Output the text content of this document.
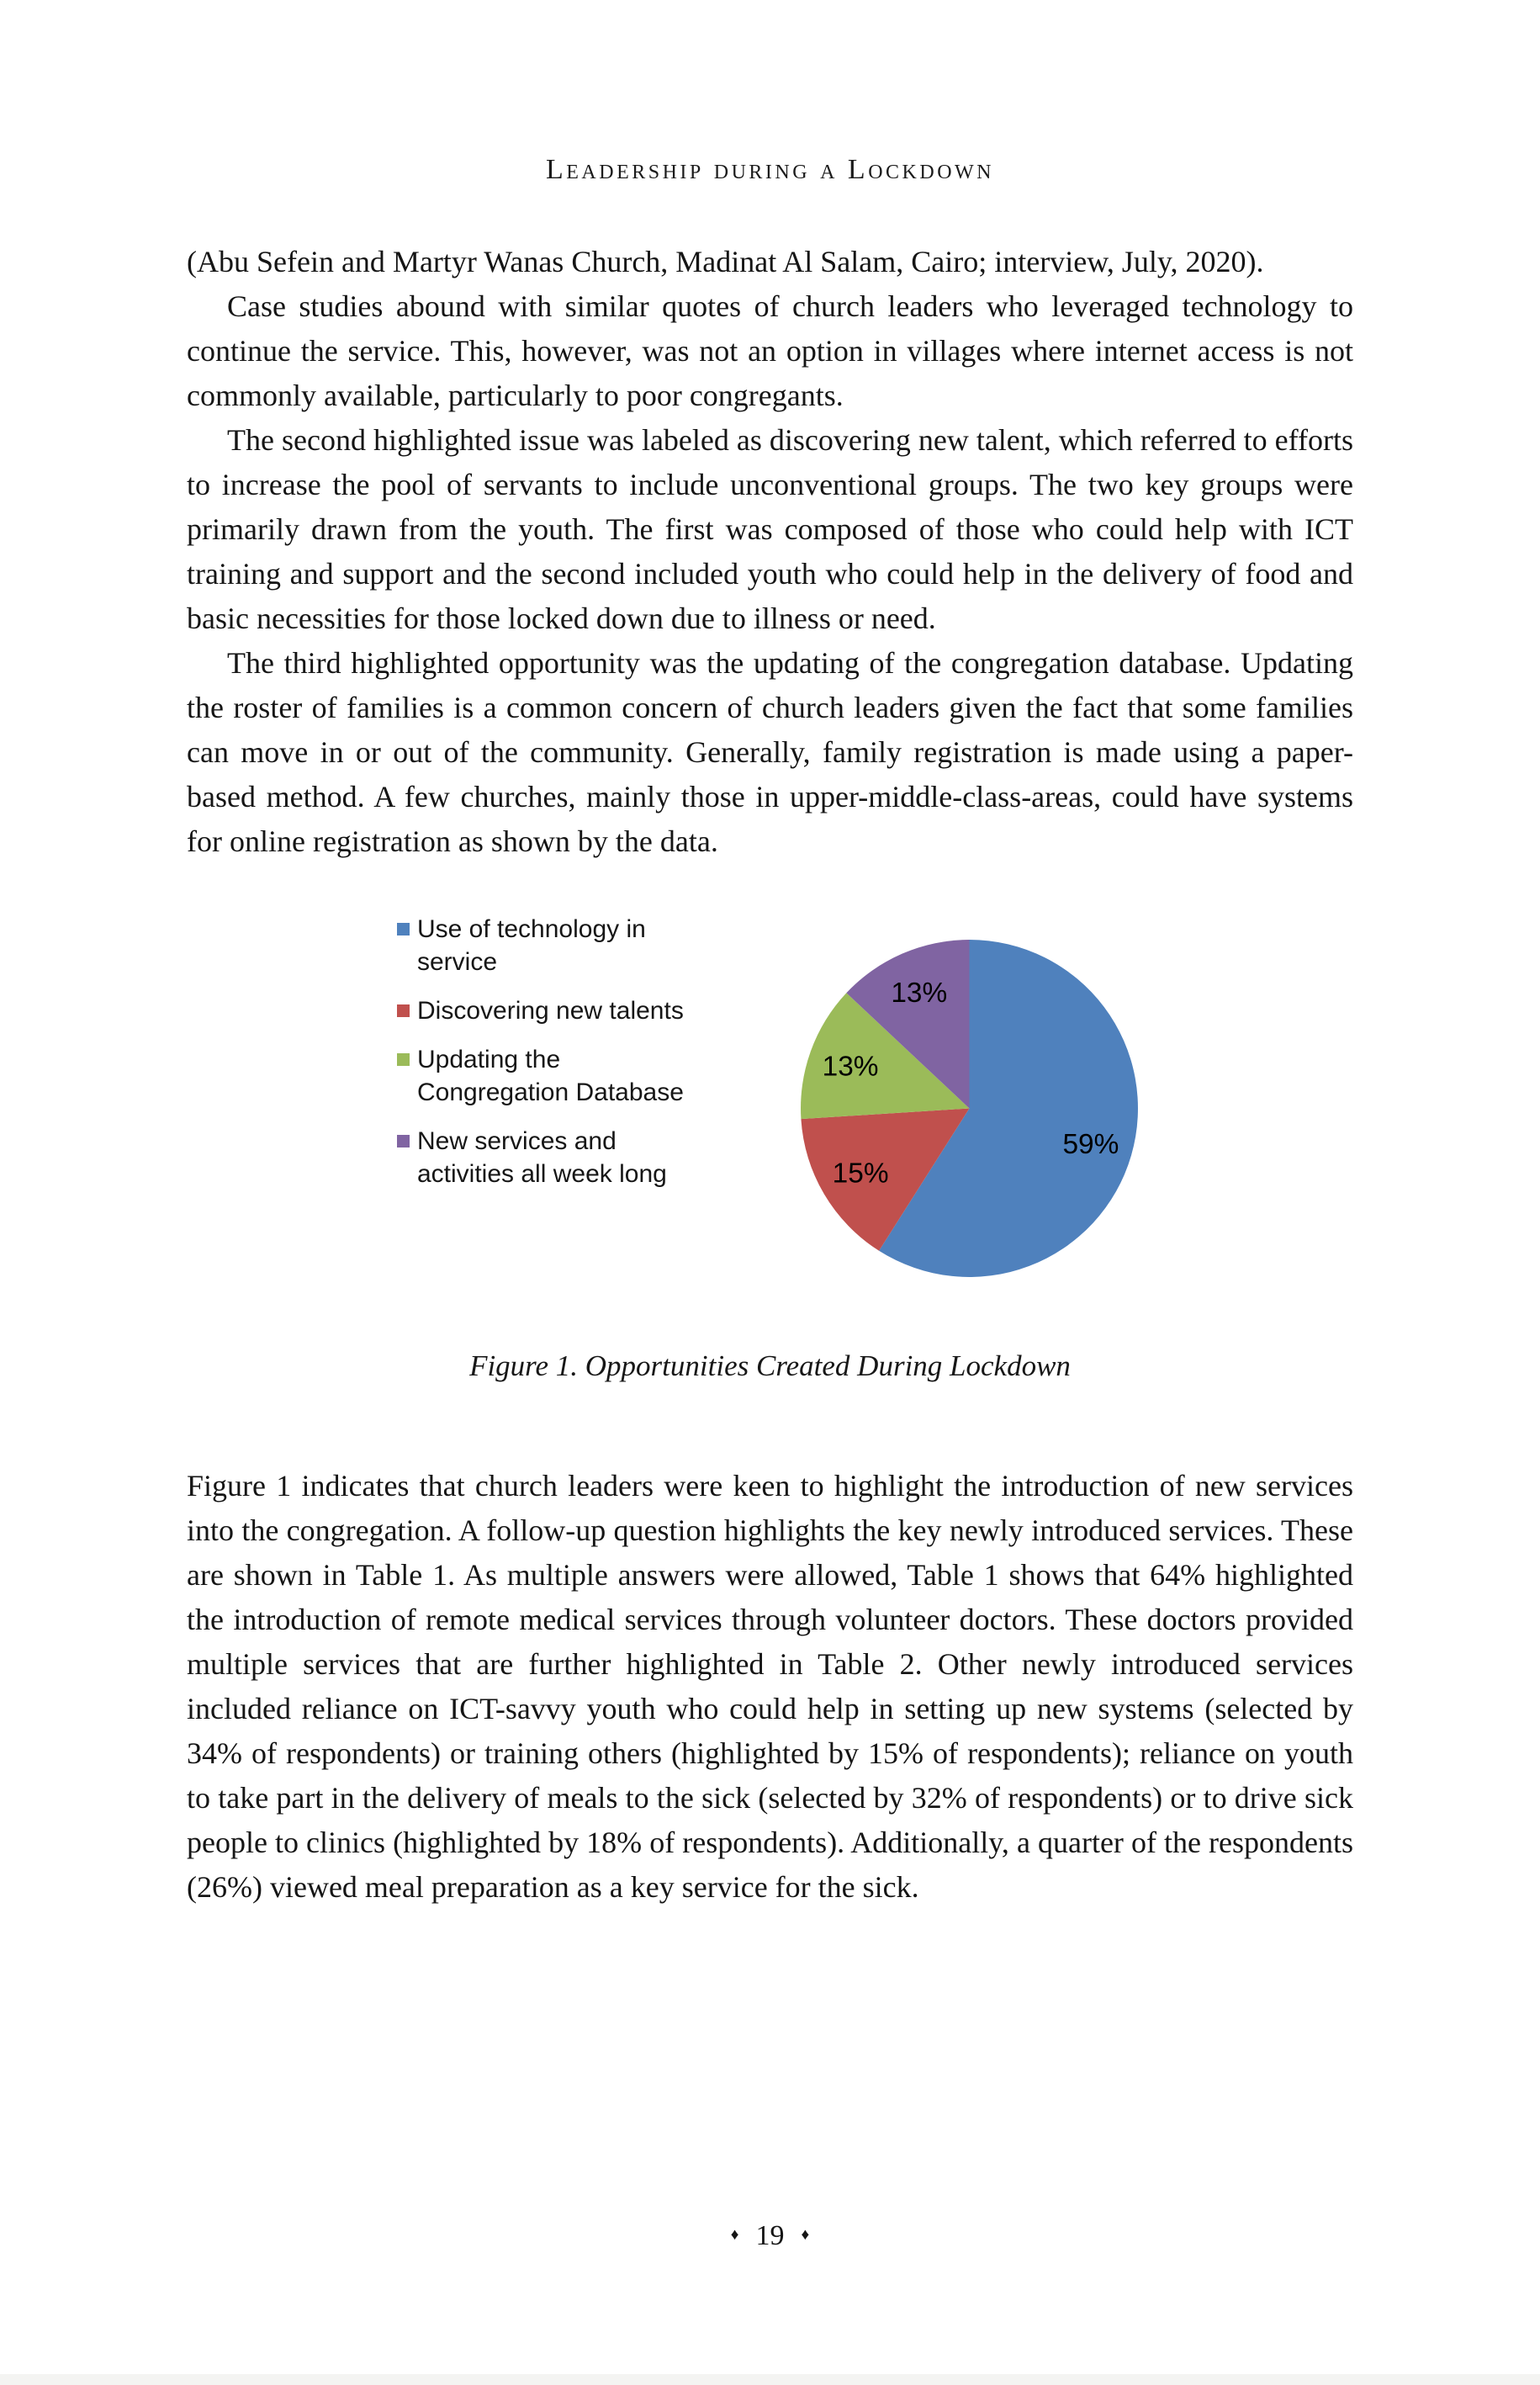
Leadership during a Lockdown

(Abu Sefein and Martyr Wanas Church, Madinat Al Salam, Cairo; interview, July, 2020).

Case studies abound with similar quotes of church leaders who leveraged technology to continue the service. This, however, was not an option in villages where internet access is not commonly available, particularly to poor congregants.

The second highlighted issue was labeled as discovering new talent, which referred to efforts to increase the pool of servants to include unconventional groups. The two key groups were primarily drawn from the youth. The first was composed of those who could help with ICT training and support and the second included youth who could help in the delivery of food and basic necessities for those locked down due to illness or need.

The third highlighted opportunity was the updating of the congregation database. Updating the roster of families is a common concern of church leaders given the fact that some families can move in or out of the community. Generally, family registration is made using a paper-based method. A few churches, mainly those in upper-middle-class-areas, could have systems for online registration as shown by the data.

Use of technology in service
Discovering new talents
Updating the Congregation Database
New services and activities all week long
59%
15%
13%
13%
Figure 1. Opportunities Created During Lockdown

Figure 1 indicates that church leaders were keen to highlight the introduction of new services into the congregation. A follow-up question highlights the key newly introduced services. These are shown in Table 1. As multiple answers were allowed, Table 1 shows that 64% highlighted the introduction of remote medical services through volunteer doctors. These doctors provided multiple services that are further highlighted in Table 2. Other newly introduced services included reliance on ICT-savvy youth who could help in setting up new systems (selected by 34% of respondents) or training others (highlighted by 15% of respondents); reliance on youth to take part in the delivery of meals to the sick (selected by 32% of respondents) or to drive sick people to clinics (highlighted by 18% of respondents). Additionally, a quarter of the respondents (26%) viewed meal preparation as a key service for the sick.

♦ 19 ♦
